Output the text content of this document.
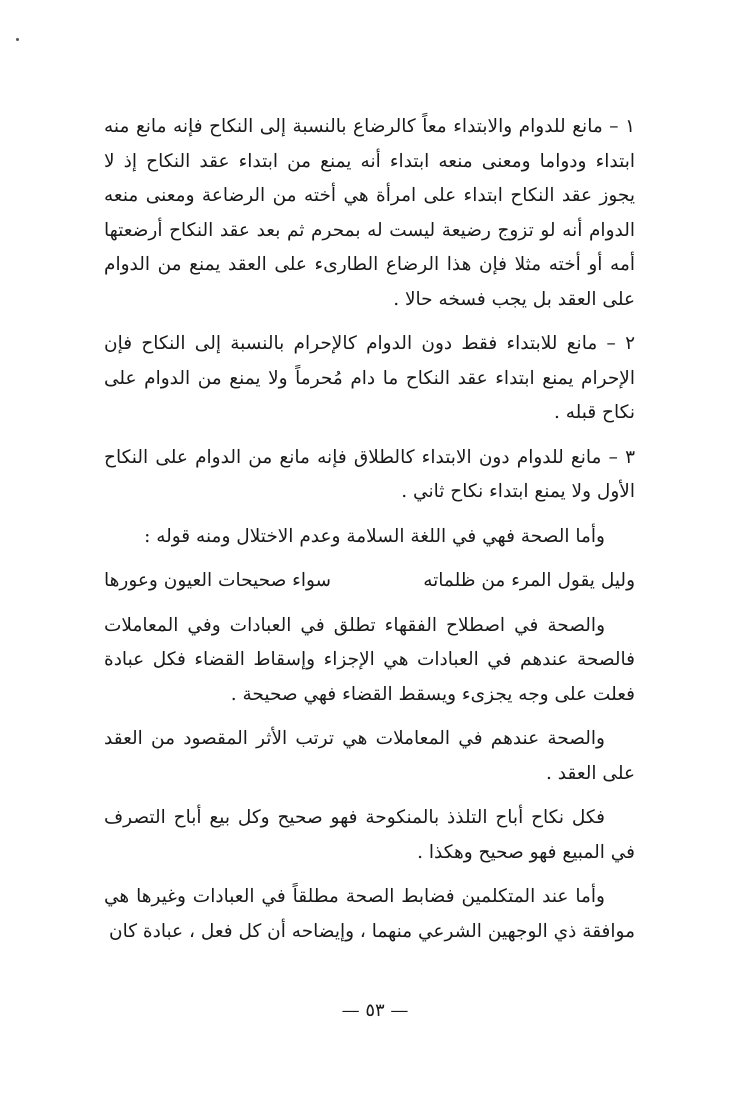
١ – مانع للدوام والابتداء معاً كالرضاع بالنسبة إلى النكاح فإنه مانع منه ابتداء ودواما ومعنى منعه ابتداء أنه يمنع من ابتداء عقد النكاح إذ لا يجوز عقد النكاح ابتداء على امرأة هي أخته من الرضاعة ومعنى منعه الدوام أنه لو تزوج رضيعة ليست له بمحرم ثم بعد عقد النكاح أرضعتها أمه أو أخته مثلا فإن هذا الرضاع الطارىء على العقد يمنع من الدوام على العقد بل يجب فسخه حالا .

٢ – مانع للابتداء فقط دون الدوام كالإحرام بالنسبة إلى النكاح فإن الإحرام يمنع ابتداء عقد النكاح ما دام مُحرماً ولا يمنع من الدوام على نكاح قبله .

٣ – مانع للدوام دون الابتداء كالطلاق فإنه مانع من الدوام على النكاح الأول ولا يمنع ابتداء نكاح ثاني .

وأما الصحة فهي في اللغة السلامة وعدم الاختلال ومنه قوله :

وليل يقول المرء من ظلماته
سواء صحيحات العيون وعورها

والصحة في اصطلاح الفقهاء تطلق في العبادات وفي المعاملات فالصحة عندهم في العبادات هي الإجزاء وإسقاط القضاء فكل عبادة فعلت على وجه يجزىء ويسقط القضاء فهي صحيحة .

والصحة عندهم في المعاملات هي ترتب الأثر المقصود من العقد على العقد .

فكل نكاح أباح التلذذ بالمنكوحة فهو صحيح وكل بيع أباح التصرف في المبيع فهو صحيح وهكذا .

وأما عند المتكلمين فضابط الصحة مطلقاً في العبادات وغيرها هي موافقة ذي الوجهين الشرعي منهما ، وإيضاحه أن كل فعل ، عبادة كان

— ٥٣ —
